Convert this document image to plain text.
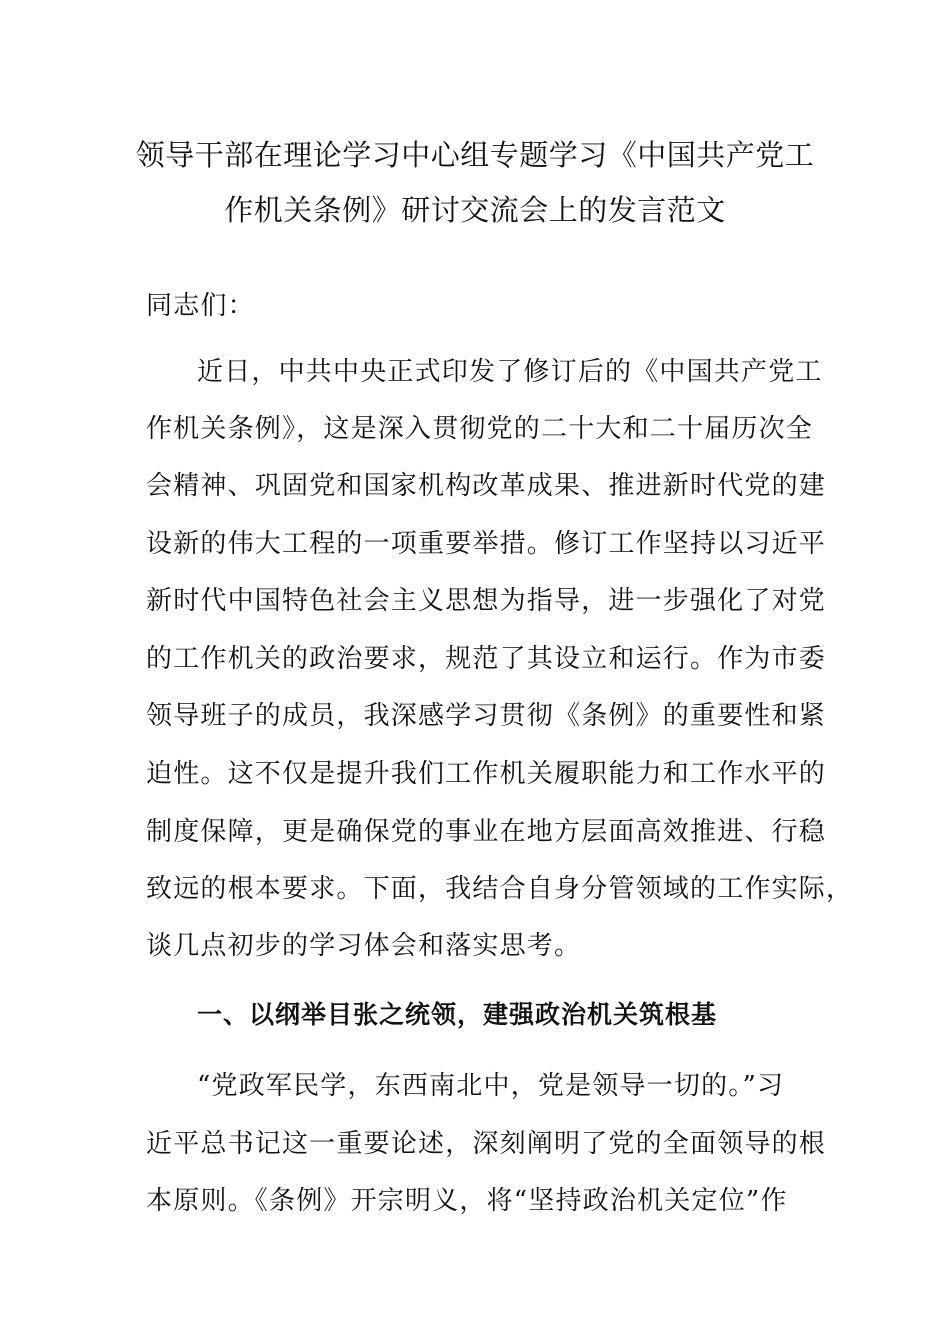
领导干部在理论学习中心组专题学习《中国共产党工
作机关条例》研讨交流会上的发言范文
同志们：
近日，中共中央正式印发了修订后的《中国共产党工
作机关条例》，这是深入贯彻党的二十大和二十届历次全
会精神、巩固党和国家机构改革成果、推进新时代党的建
设新的伟大工程的一项重要举措。修订工作坚持以习近平
新时代中国特色社会主义思想为指导，进一步强化了对党
的工作机关的政治要求，规范了其设立和运行。作为市委
领导班子的成员，我深感学习贯彻《条例》的重要性和紧
迫性。这不仅是提升我们工作机关履职能力和工作水平的
制度保障，更是确保党的事业在地方层面高效推进、行稳
致远的根本要求。下面，我结合自身分管领域的工作实际，
谈几点初步的学习体会和落实思考。
一、以纲举目张之统领，建强政治机关筑根基
“党政军民学，东西南北中，党是领导一切的。”习
近平总书记这一重要论述，深刻阐明了党的全面领导的根
本原则。《条例》开宗明义，将“坚持政治机关定位”作
